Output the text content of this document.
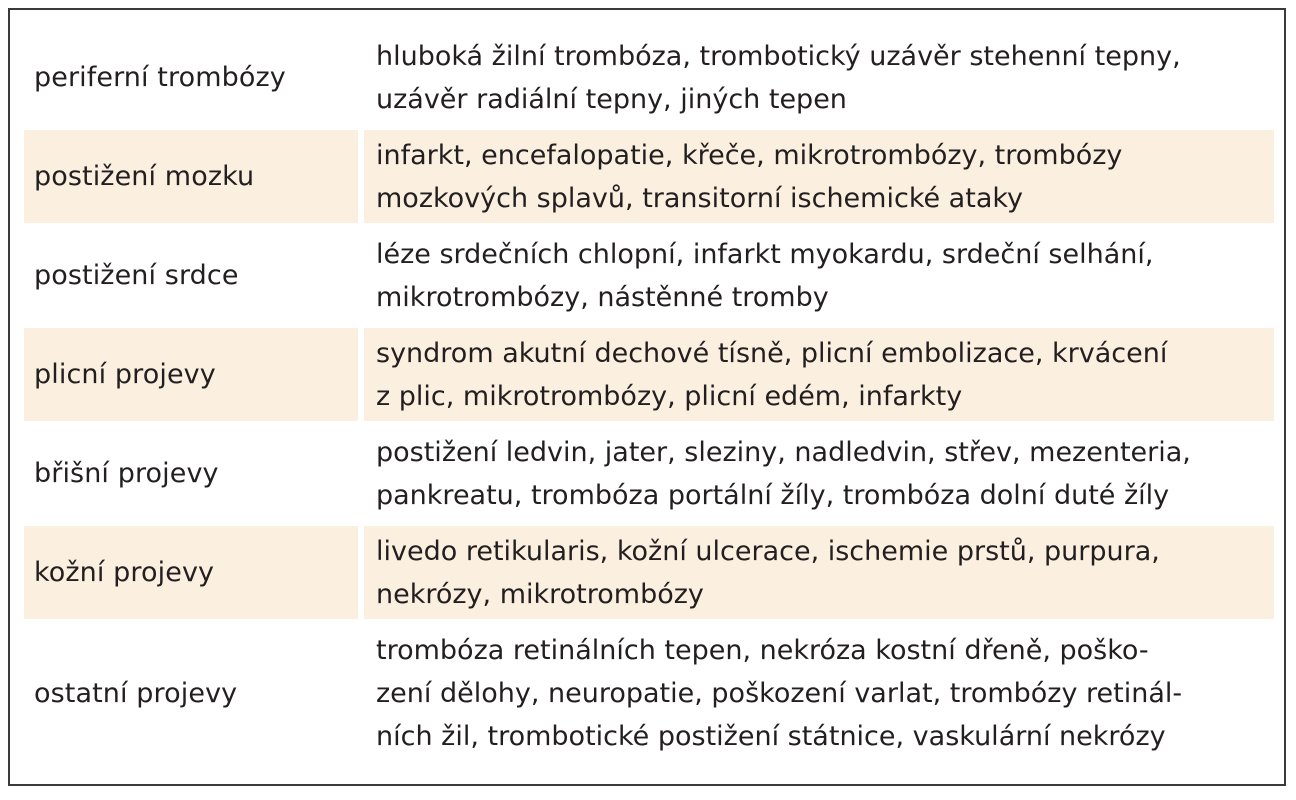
periferní trombózy
hluboká žilní trombóza, trombotický uzávěr stehenní tepny,
uzávěr radiální tepny, jiných tepen
postižení mozku
infarkt, encefalopatie, křeče, mikrotrombózy, trombózy
mozkových splavů, transitorní ischemické ataky
postižení srdce
léze srdečních chlopní, infarkt myokardu, srdeční selhání,
mikrotrombózy, nástěnné tromby
plicní projevy
syndrom akutní dechové tísně, plicní embolizace, krvácení
z plic, mikrotrombózy, plicní edém, infarkty
břišní projevy
postižení ledvin, jater, sleziny, nadledvin, střev, mezenteria,
pankreatu, trombóza portální žíly, trombóza dolní duté žíly
kožní projevy
livedo retikularis, kožní ulcerace, ischemie prstů, purpura,
nekrózy, mikrotrombózy
ostatní projevy
trombóza retinálních tepen, nekróza kostní dřeně, poško-
zení dělohy, neuropatie, poškození varlat, trombózy retinál-
ních žil, trombotické postižení státnice, vaskulární nekrózy
